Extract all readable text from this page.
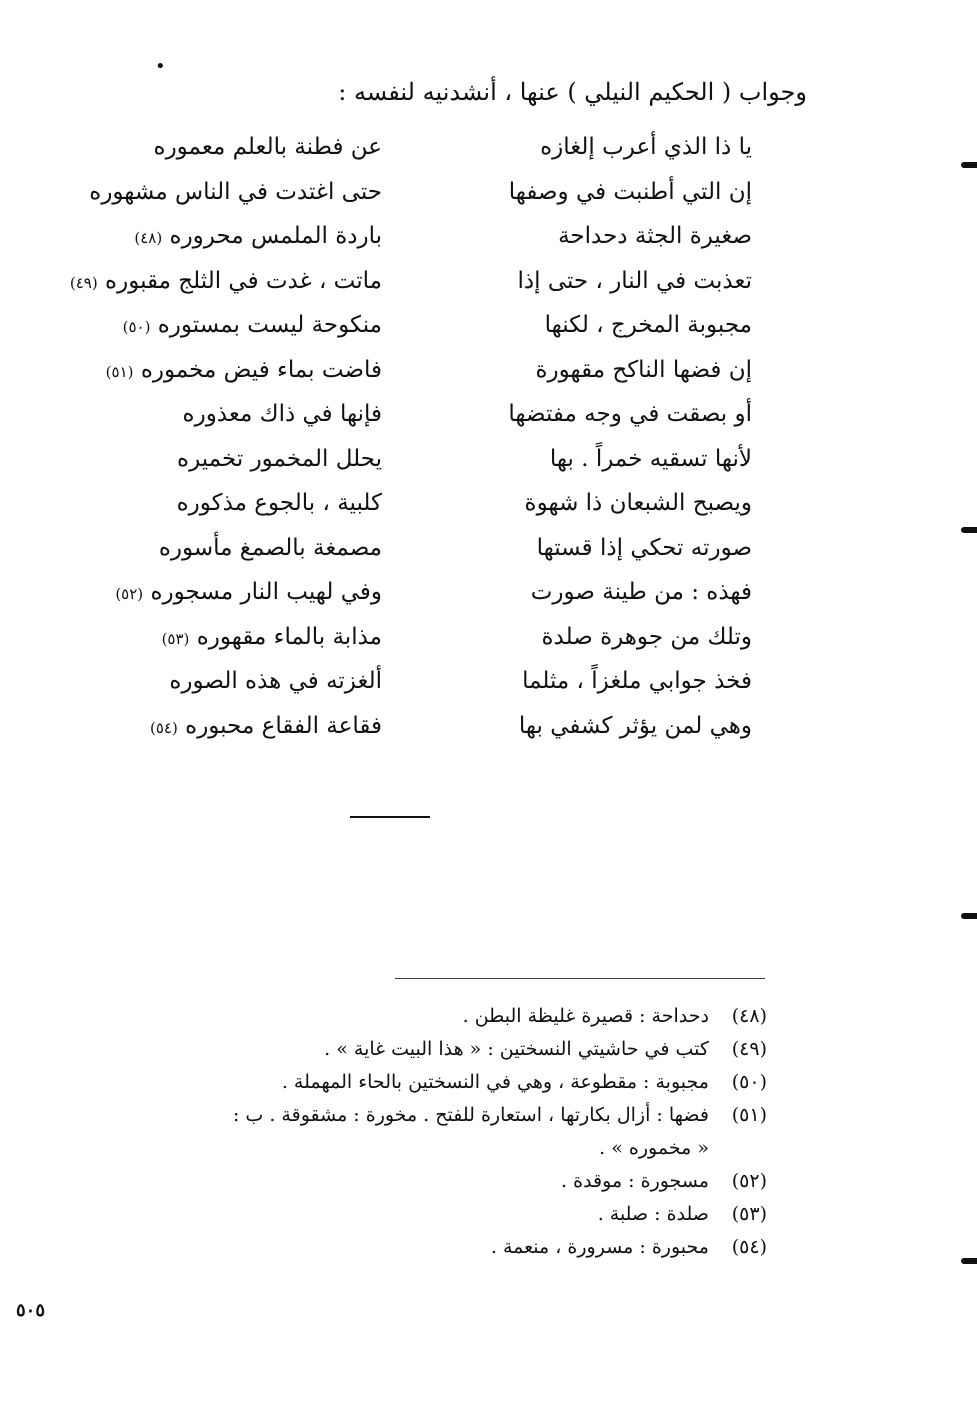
•
وجواب ( الحكيم النيلي ) عنها ، أنشدنيه لنفسه :
يا ذا الذي أعرب إلغازه
عن فطنة بالعلم معموره
إن التي أطنبت في وصفها
حتى اغتدت في الناس مشهوره
صغيرة الجثة دحداحة
باردة الملمس محروره (٤٨)
تعذبت في النار ، حتى إذا
ماتت ، غدت في الثلج مقبوره (٤٩)
مجبوبة المخرج ، لكنها
منكوحة ليست بمستوره (٥٠)
إن فضها الناكح مقهورة
فاضت بماء فيض مخموره (٥١)
أو بصقت في وجه مفتضها
فإنها في ذاك معذوره
لأنها تسقيه خمراً . بها
يحلل المخمور تخميره
ويصبح الشبعان ذا شهوة
كلبية ، بالجوع مذكوره
صورته تحكي إذا قستها
مصمغة بالصمغ مأسوره
فهذه : من طينة صورت
وفي لهيب النار مسجوره (٥٢)
وتلك من جوهرة صلدة
مذابة بالماء مقهوره (٥٣)
فخذ جوابي ملغزاً ، مثلما
ألغزته في هذه الصوره
وهي لمن يؤثر كشفي بها
فقاعة الفقاع محبوره (٥٤)
(٤٨) دحداحة : قصيرة غليظة البطن .
(٤٩) كتب في حاشيتي النسختين : « هذا البيت غاية » .
(٥٠) مجبوبة : مقطوعة ، وهي في النسختين بالحاء المهملة .
(٥١) فضها : أزال بكارتها ، استعارة للفتح . مخورة : مشقوقة . ب :
« مخموره » .
(٥٢) مسجورة : موقدة .
(٥٣) صلدة : صلبة .
(٥٤) محبورة : مسرورة ، منعمة .
٥٠٥
